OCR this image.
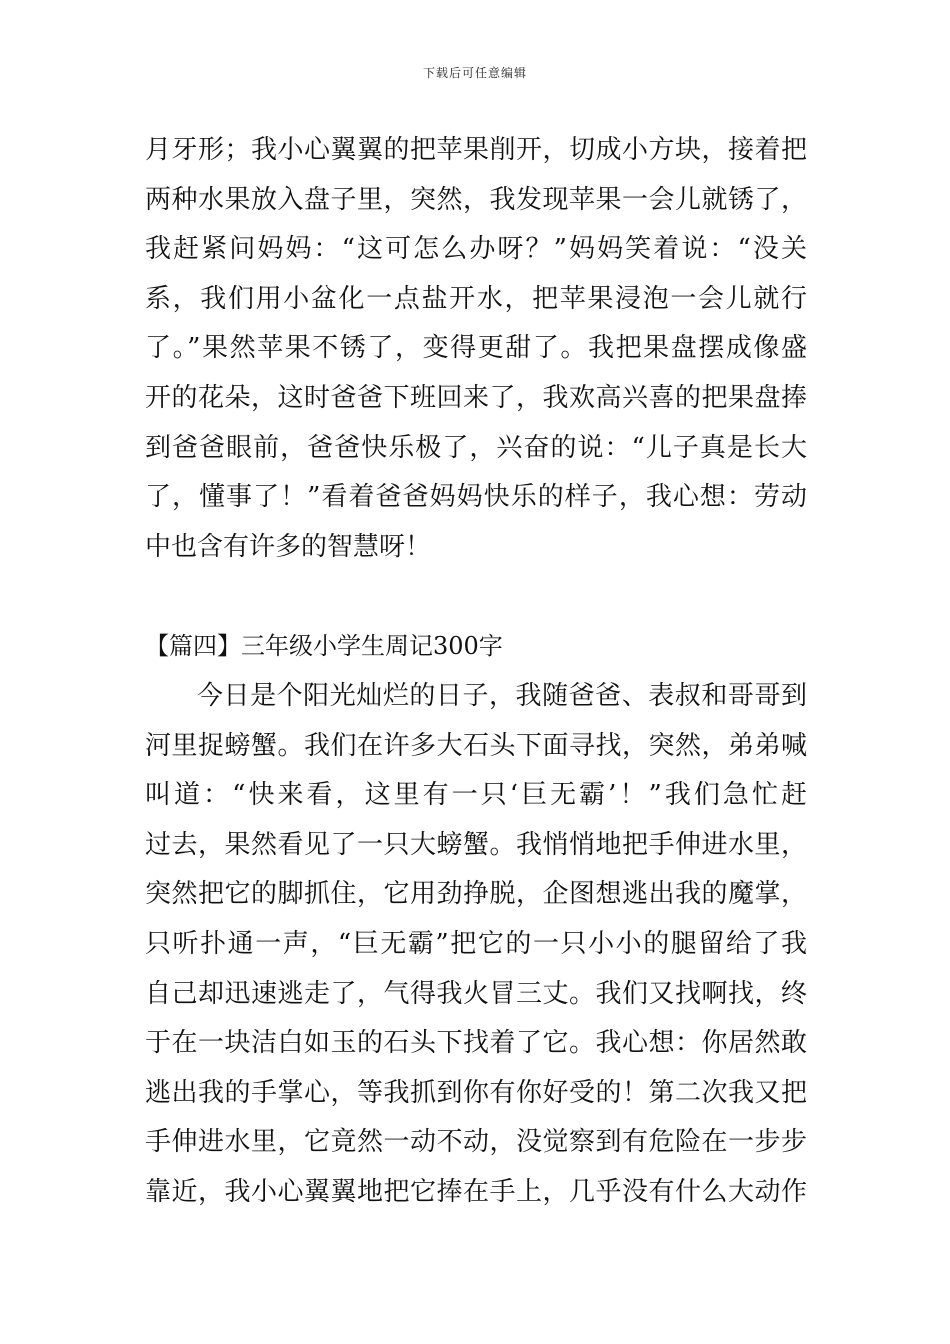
下载后可任意编辑
月牙形；我小心翼翼的把苹果削开，切成小方块，接着把
两种水果放入盘子里，突然，我发现苹果一会儿就锈了，
我赶紧问妈妈：“这可怎么办呀？”妈妈笑着说：“没关
系，我们用小盆化一点盐开水，把苹果浸泡一会儿就行
了。”果然苹果不锈了，变得更甜了。我把果盘摆成像盛
开的花朵，这时爸爸下班回来了，我欢高兴喜的把果盘捧
到爸爸眼前，爸爸快乐极了，兴奋的说：“儿子真是长大
了，懂事了！”看着爸爸妈妈快乐的样子，我心想：劳动
中也含有许多的智慧呀！
【篇四】三年级小学生周记300字
今日是个阳光灿烂的日子，我随爸爸、表叔和哥哥到
河里捉螃蟹。我们在许多大石头下面寻找，突然，弟弟喊
叫道：“快来看，这里有一只‘巨无霸’！”我们急忙赶
过去，果然看见了一只大螃蟹。我悄悄地把手伸进水里，
突然把它的脚抓住，它用劲挣脱，企图想逃出我的魔掌，
只听扑通一声，“巨无霸”把它的一只小小的腿留给了我
自己却迅速逃走了，气得我火冒三丈。我们又找啊找，终
于在一块洁白如玉的石头下找着了它。我心想：你居然敢
逃出我的手掌心，等我抓到你有你好受的！第二次我又把
手伸进水里，它竟然一动不动，没觉察到有危险在一步步
靠近，我小心翼翼地把它捧在手上，几乎没有什么大动作
